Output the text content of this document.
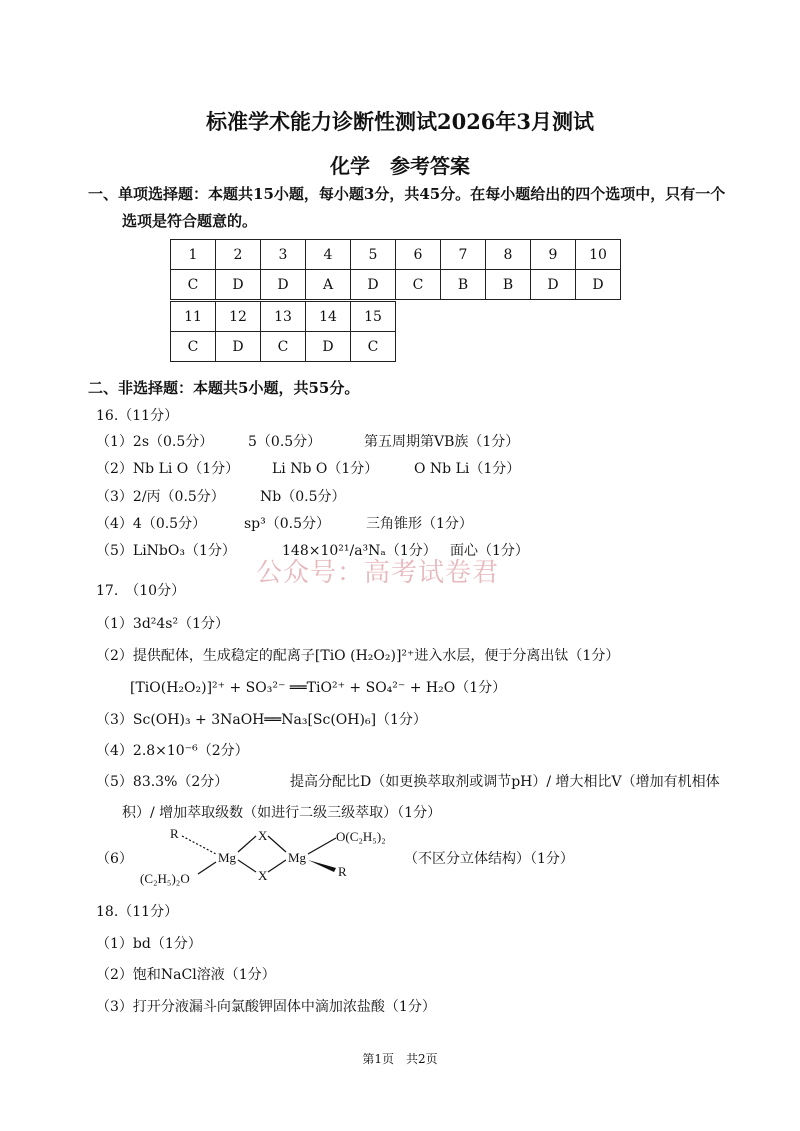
标准学术能力诊断性测试2026年3月测试
化学　参考答案
一、单项选择题：本题共15小题，每小题3分，共45分。在每小题给出的四个选项中，只有一个
选项是符合题意的。
1	2	3	4	5	6	7	8	9	10
C	D	D	A	D	C	B	B	D	D
11	12	13	14	15
C	D	C	D	C
二、非选择题：本题共5小题，共55分。
16.（11分）
（1）2s（0.5分） 5（0.5分）	第五周期第VB族（1分）
（2）Nb Li O（1分） Li Nb O（1分）	O Nb Li（1分）
（3）2/丙（0.5分）	Nb（0.5分）
（4）4（0.5分）	sp³（0.5分）	三角锥形（1分）
（5）LiNbO₃（1分）	148×10²¹/a³Nₐ（1分） 面心（1分）
公众号：高考试卷君
17.　（10分）
（1）3d²4s²（1分）
（2）提供配体，生成稳定的配离子[TiO (H₂O₂)]²⁺进入水层，便于分离出钛（1分）
[TiO(H₂O₂)]²⁺ + SO₃²⁻ ══TiO²⁺ + SO₄²⁻ + H₂O（1分）
（3）Sc(OH)₃ + 3NaOH══Na₃[Sc(OH)₆]（1分）
（4）2.8×10⁻⁶（2分）
（5）83.3%（2分）	提高分配比D（如更换萃取剂或调节pH）/ 增大相比V（增加有机相体
积）/ 增加萃取级数（如进行二级三级萃取）（1分）
（6）
R	X
X
Mg	Mg
O(C₂H₅)₂
(C₂H₅)₂O	R
（不区分立体结构）（1分）
18.（11分）
（1）bd（1分）
（2）饱和NaCl溶液（1分）
（3）打开分液漏斗向氯酸钾固体中滴加浓盐酸（1分）
第1页　共2页
